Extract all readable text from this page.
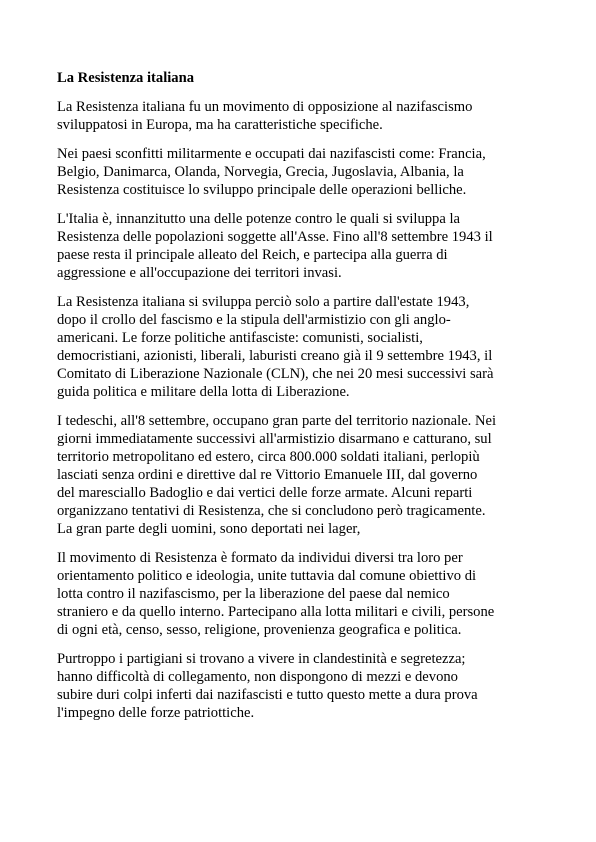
La Resistenza italiana

La Resistenza italiana fu un movimento di opposizione al nazifascismo
sviluppatosi in Europa, ma ha caratteristiche specifiche.

Nei paesi sconfitti militarmente e occupati dai nazifascisti come: Francia,
Belgio, Danimarca, Olanda, Norvegia, Grecia, Jugoslavia, Albania, la
Resistenza costituisce lo sviluppo principale delle operazioni belliche.

L'Italia è, innanzitutto una delle potenze contro le quali si sviluppa la
Resistenza delle popolazioni soggette all'Asse. Fino all'8 settembre 1943 il
paese resta il principale alleato del Reich, e partecipa alla guerra di
aggressione e all'occupazione dei territori invasi.

La Resistenza italiana si sviluppa perciò solo a partire dall'estate 1943,
dopo il crollo del fascismo e la stipula dell'armistizio con gli anglo-
americani. Le forze politiche antifasciste: comunisti, socialisti,
democristiani, azionisti, liberali, laburisti creano già il 9 settembre 1943, il
Comitato di Liberazione Nazionale (CLN), che nei 20 mesi successivi sarà
guida politica e militare della lotta di Liberazione.

I tedeschi, all'8 settembre, occupano gran parte del territorio nazionale. Nei
giorni immediatamente successivi all'armistizio disarmano e catturano, sul
territorio metropolitano ed estero, circa 800.000 soldati italiani, perlopiù
lasciati senza ordini e direttive dal re Vittorio Emanuele III, dal governo
del maresciallo Badoglio e dai vertici delle forze armate. Alcuni reparti
organizzano tentativi di Resistenza, che si concludono però tragicamente.
La gran parte degli uomini, sono deportati nei lager,

Il movimento di Resistenza è formato da individui diversi tra loro per
orientamento politico e ideologia, unite tuttavia dal comune obiettivo di
lotta contro il nazifascismo, per la liberazione del paese dal nemico
straniero e da quello interno. Partecipano alla lotta militari e civili, persone
di ogni età, censo, sesso, religione, provenienza geografica e politica.

Purtroppo i partigiani si trovano a vivere in clandestinità e segretezza;
hanno difficoltà di collegamento, non dispongono di mezzi e devono
subire duri colpi inferti dai nazifascisti e tutto questo mette a dura prova
l'impegno delle forze patriottiche.
